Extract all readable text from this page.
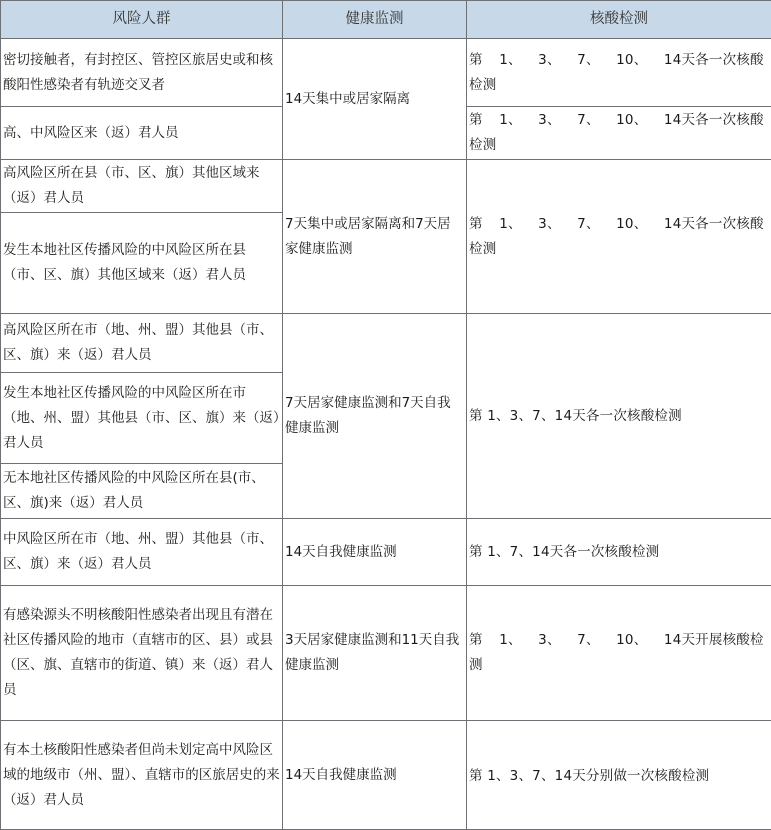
风险人群	健康监测	核酸检测
密切接触者，有封控区、管控区旅居史或和核酸阳性感染者有轨迹交叉者	14天集中或居家隔离	第 1、 3、 7、 10、 14天各一次核酸检测
高、中风险区来（返）君人员		第 1、 3、 7、 10、 14天各一次核酸检测
高风险区所在县（市、区、旗）其他区域来（返）君人员	7天集中或居家隔离和7天居家健康监测	第 1、 3、 7、 10、 14天各一次核酸检测
发生本地社区传播风险的中风险区所在县（市、区、旗）其他区域来（返）君人员		
高风险区所在市（地、州、盟）其他县（市、区、旗）来（返）君人员	7天居家健康监测和7天自我健康监测	第 1、3、7、14天各一次核酸检测
发生本地社区传播风险的中风险区所在市（地、州、盟）其他县（市、区、旗）来（返）君人员		
无本地社区传播风险的中风险区所在县(市、区、旗)来（返）君人员		
中风险区所在市（地、州、盟）其他县（市、区、旗）来（返）君人员	14天自我健康监测	第 1、7、14天各一次核酸检测
有感染源头不明核酸阳性感染者出现且有潜在社区传播风险的地市（直辖市的区、县）或县（区、旗、直辖市的街道、镇）来（返）君人员	3天居家健康监测和11天自我健康监测	第 1、 3、 7、 10、 14天开展核酸检测
有本土核酸阳性感染者但尚未划定高中风险区域的地级市（州、盟）、直辖市的区旅居史的来（返）君人员	14天自我健康监测	第 1、3、7、14天分别做一次核酸检测
